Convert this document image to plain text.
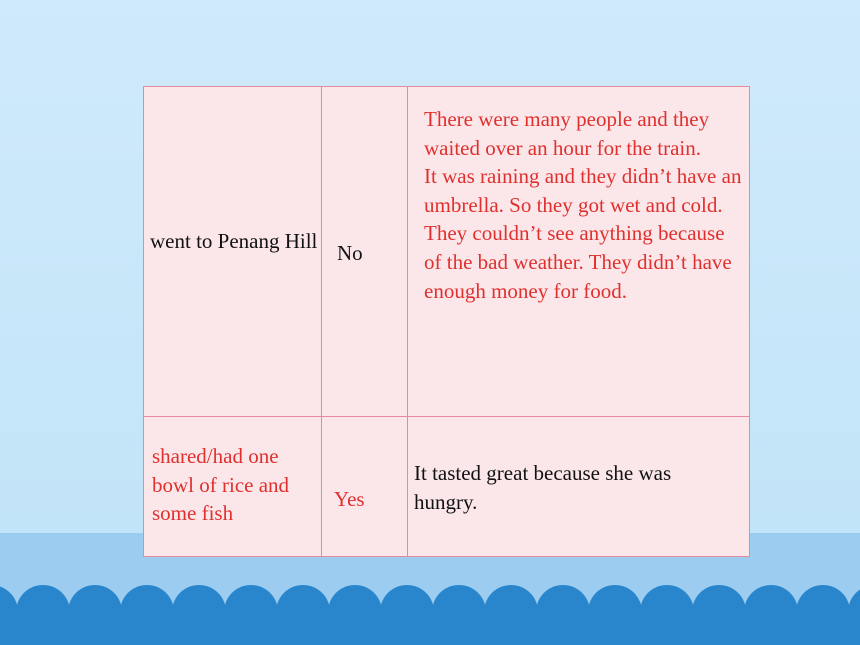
went to Penang Hill No
There were many people and they waited over an hour for the train.
It was raining and they didn’t have an umbrella. So they got wet and cold. They couldn’t see anything because of the bad weather. They didn’t have enough money for food.
shared/had one bowl of rice and some fish
Yes
It tasted great because she was hungry.
